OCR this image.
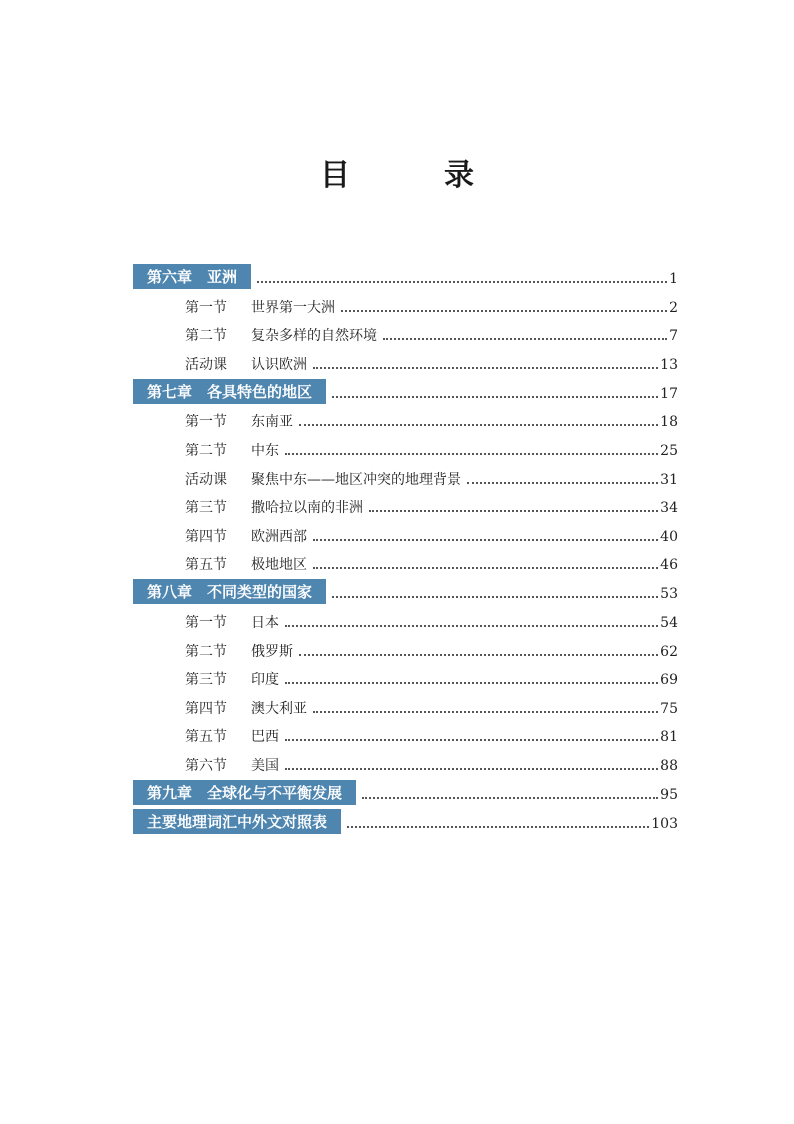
目　录
第六章　亚洲	1
第一节	世界第一大洲	2
第二节	复杂多样的自然环境	7
活动课	认识欧洲	13
第七章　各具特色的地区	17
第一节	东南亚	18
第二节	中东	25
活动课	聚焦中东——地区冲突的地理背景	31
第三节	撒哈拉以南的非洲	34
第四节	欧洲西部	40
第五节	极地地区	46
第八章　不同类型的国家	53
第一节	日本	54
第二节	俄罗斯	62
第三节	印度	69
第四节	澳大利亚	75
第五节	巴西	81
第六节	美国	88
第九章　全球化与不平衡发展	95
主要地理词汇中外文对照表	103
